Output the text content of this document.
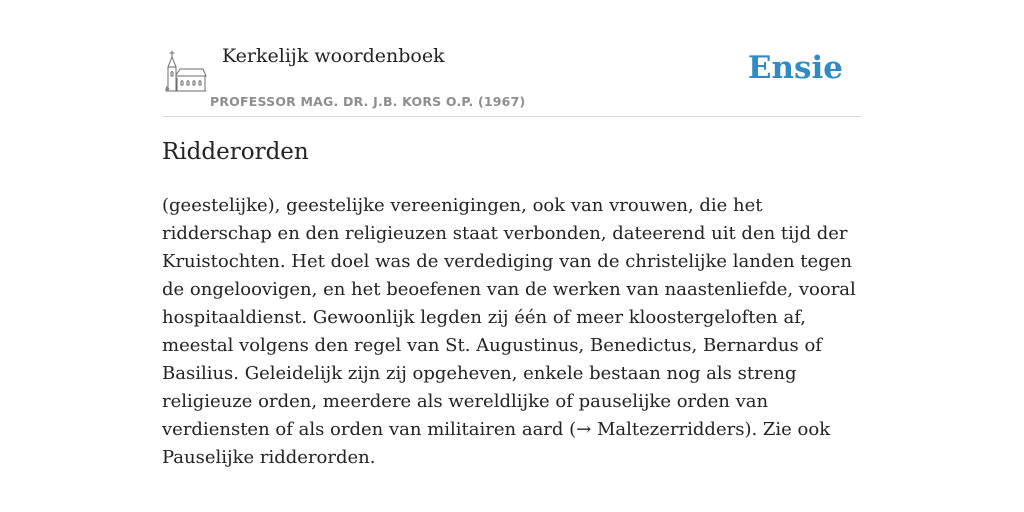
Kerkelijk woordenboek
PROFESSOR MAG. DR. J.B. KORS O.P. (1967)
Ensie
Ridderorden

(geestelijke), geestelijke vereenigingen, ook van vrouwen, die het ridderschap en den religieuzen staat verbonden, dateerend uit den tijd der Kruistochten. Het doel was de verdediging van de christelijke landen tegen de ongeloovigen, en het beoefenen van de werken van naastenliefde, vooral hospitaaldienst. Gewoonlijk legden zij één of meer kloostergeloften af, meestal volgens den regel van St. Augustinus, Benedictus, Bernardus of Basilius. Geleidelijk zijn zij opgeheven, enkele bestaan nog als streng religieuze orden, meerdere als wereldlijke of pauselijke orden van verdiensten of als orden van militairen aard (→ Maltezerridders). Zie ook Pauselijke ridderorden.
